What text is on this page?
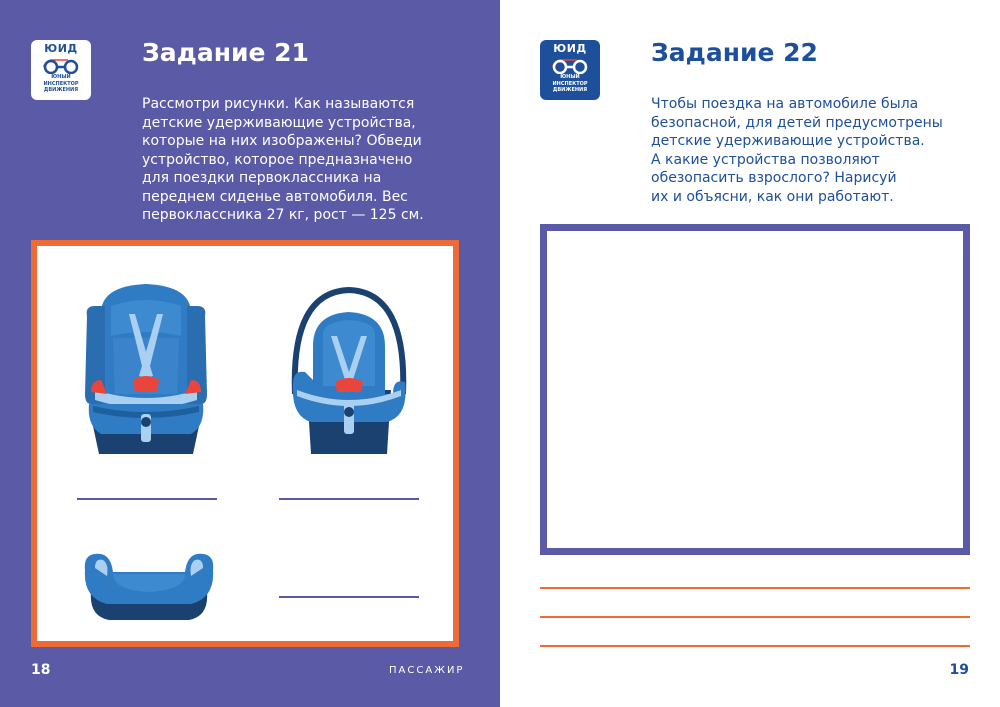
ЮИД
ЮНЫЙ
ИНСПЕКТОР
ДВИЖЕНИЯ
Задание 21

Рассмотри рисунки. Как называются
детские удерживающие устройства,
которые на них изображены? Обведи
устройство, которое предназначено
для поездки первоклассника на
переднем сиденье автомобиля. Вес
первоклассника 27 кг, рост — 125 см.

18	ПАССАЖИР
ЮИД
ЮНЫЙ
ИНСПЕКТОР
ДВИЖЕНИЯ
Задание 22

Чтобы поездка на автомобиле была
безопасной, для детей предусмотрены
детские удерживающие устройства.
А какие устройства позволяют
обезопасить взрослого? Нарисуй
их и объясни, как они работают.

19
